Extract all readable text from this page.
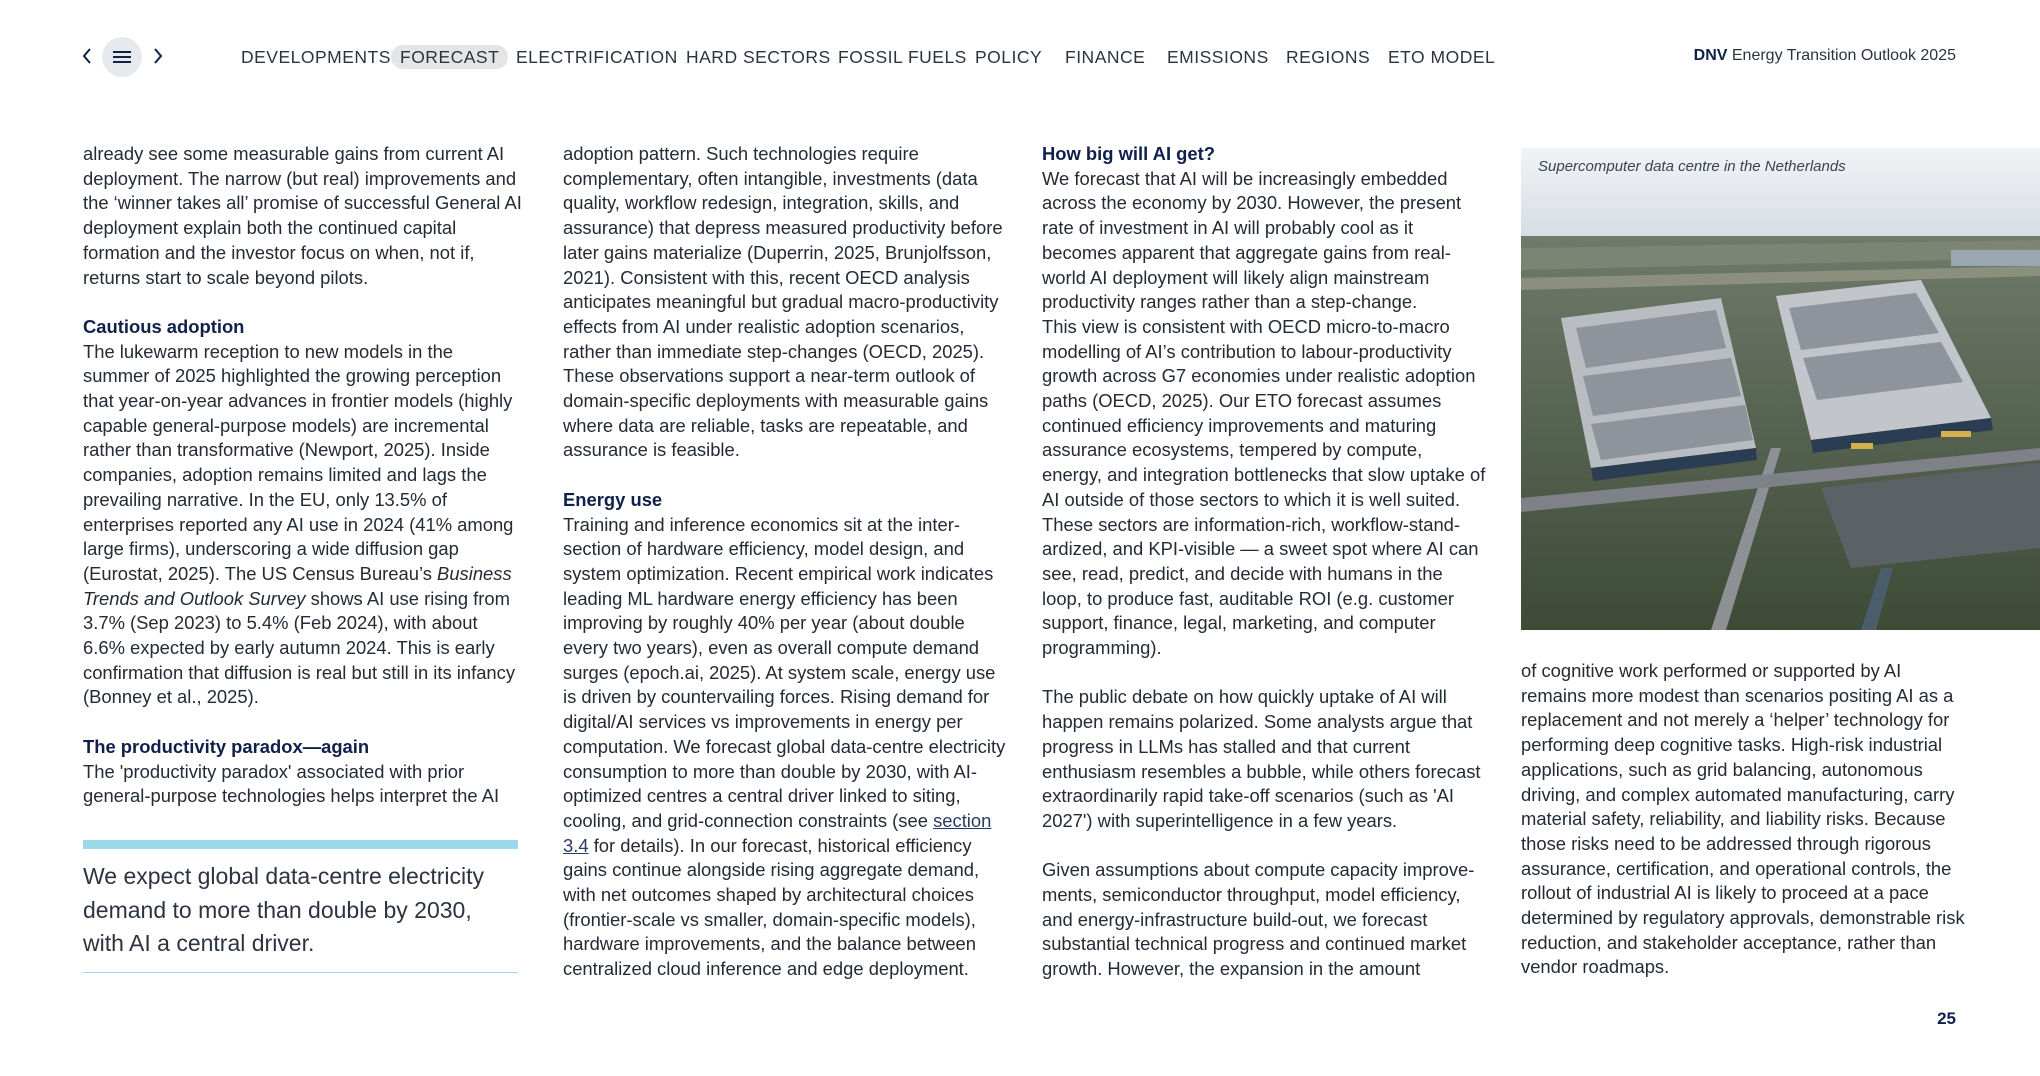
DEVELOPMENTS FORECAST ELECTRIFICATION HARD SECTORS FOSSIL FUELS POLICY FINANCE EMISSIONS REGIONS ETO MODEL	DNV Energy Transition Outlook 2025

already see some measurable gains from current AI deployment. The narrow (but real) improvements and the ‘winner takes all’ promise of successful General AI deployment explain both the continued capital formation and the investor focus on when, not if, returns start to scale beyond pilots.

Cautious adoption

The lukewarm reception to new models in the summer of 2025 highlighted the growing perception that year-on-year advances in frontier models (highly capable general-purpose models) are incremental rather than transformative (Newport, 2025). Inside companies, adoption remains limited and lags the prevailing narrative. In the EU, only 13.5% of enterprises reported any AI use in 2024 (41% among large firms), underscoring a wide diffusion gap (Eurostat, 2025). The US Census Bureau’s Business Trends and Outlook Survey shows AI use rising from 3.7% (Sep 2023) to 5.4% (Feb 2024), with about 6.6% expected by early autumn 2024. This is early confirmation that diffusion is real but still in its infancy (Bonney et al., 2025).

The productivity paradox—again

The 'productivity paradox' associated with prior general-purpose technologies helps interpret the AI

We expect global data-centre electricity demand to more than double by 2030, with AI a central driver.

adoption pattern. Such technologies require complementary, often intangible, investments (data quality, workflow redesign, integration, skills, and assurance) that depress measured productivity before later gains materialize (Duperrin, 2025, Brunjolfsson, 2021). Consistent with this, recent OECD analysis anticipates meaningful but gradual macro-productivity effects from AI under realistic adoption scenarios, rather than immediate step-changes (OECD, 2025). These observations support a near-term outlook of domain-specific deployments with measurable gains where data are reliable, tasks are repeatable, and assurance is feasible.

Energy use

Training and inference economics sit at the inter-section of hardware efficiency, model design, and system optimization. Recent empirical work indicates leading ML hardware energy efficiency has been improving by roughly 40% per year (about double every two years), even as overall compute demand surges (epoch.ai, 2025). At system scale, energy use is driven by countervailing forces. Rising demand for digital/AI services vs improvements in energy per computation. We forecast global data-centre electricity consumption to more than double by 2030, with AI-optimized centres a central driver linked to siting, cooling, and grid-connection constraints (see section 3.4 for details). In our forecast, historical efficiency gains continue alongside rising aggregate demand, with net outcomes shaped by architectural choices (frontier-scale vs smaller, domain-specific models), hardware improvements, and the balance between centralized cloud inference and edge deployment.

How big will AI get?

We forecast that AI will be increasingly embedded across the economy by 2030. However, the present rate of investment in AI will probably cool as it becomes apparent that aggregate gains from real-world AI deployment will likely align mainstream productivity ranges rather than a step-change.

This view is consistent with OECD micro-to-macro modelling of AI’s contribution to labour-productivity growth across G7 economies under realistic adoption paths (OECD, 2025). Our ETO forecast assumes continued efficiency improvements and maturing assurance ecosystems, tempered by compute, energy, and integration bottlenecks that slow uptake of AI outside of those sectors to which it is well suited. These sectors are information-rich, workflow-stand-ardized, and KPI-visible — a sweet spot where AI can see, read, predict, and decide with humans in the loop, to produce fast, auditable ROI (e.g. customer support, finance, legal, marketing, and computer programming).

The public debate on how quickly uptake of AI will happen remains polarized. Some analysts argue that progress in LLMs has stalled and that current enthusiasm resembles a bubble, while others forecast extraordinarily rapid take-off scenarios (such as 'AI 2027') with superintelligence in a few years.

Given assumptions about compute capacity improve-ments, semiconductor throughput, model efficiency, and energy-infrastructure build-out, we forecast substantial technical progress and continued market growth. However, the expansion in the amount

Supercomputer data centre in the Netherlands

of cognitive work performed or supported by AI remains more modest than scenarios positing AI as a replacement and not merely a ‘helper’ technology for performing deep cognitive tasks. High-risk industrial applications, such as grid balancing, autonomous driving, and complex automated manufacturing, carry material safety, reliability, and liability risks. Because those risks need to be addressed through rigorous assurance, certification, and operational controls, the rollout of industrial AI is likely to proceed at a pace determined by regulatory approvals, demonstrable risk reduction, and stakeholder acceptance, rather than vendor roadmaps.

25
